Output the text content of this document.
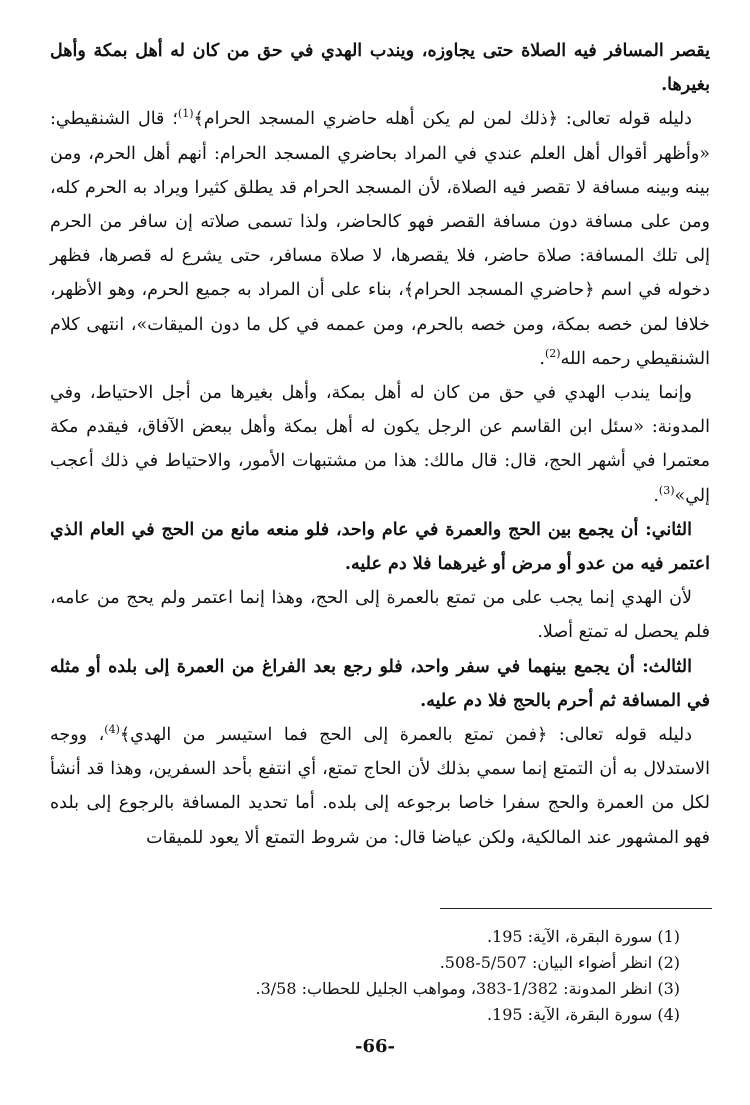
يقصر المسافر فيه الصلاة حتى يجاوزه، ويندب الهدي في حق من كان له أهل بمكة وأهل بغيرها.

دليله قوله تعالى: ﴿ذلك لمن لم يكن أهله حاضري المسجد الحرام﴾$^{(1)}$؛ قال الشنقيطي: «وأظهر أقوال أهل العلم عندي في المراد بحاضري المسجد الحرام: أنهم أهل الحرم، ومن بينه وبينه مسافة لا تقصر فيه الصلاة، لأن المسجد الحرام قد يطلق كثيرا ويراد به الحرم كله، ومن على مسافة دون مسافة القصر فهو كالحاضر، ولذا تسمى صلاته إن سافر من الحرم إلى تلك المسافة: صلاة حاضر، فلا يقصرها، لا صلاة مسافر، حتى يشرع له قصرها، فظهر دخوله في اسم ﴿حاضري المسجد الحرام﴾، بناء على أن المراد به جميع الحرم، وهو الأظهر، خلافا لمن خصه بمكة، ومن خصه بالحرم، ومن عممه في كل ما دون الميقات»، انتهى كلام الشنقيطي رحمه الله$^{(2)}$.

وإنما يندب الهدي في حق من كان له أهل بمكة، وأهل بغيرها من أجل الاحتياط، وفي المدونة: «سئل ابن القاسم عن الرجل يكون له أهل بمكة وأهل ببعض الآفاق، فيقدم مكة معتمرا في أشهر الحج، قال: قال مالك: هذا من مشتبهات الأمور، والاحتياط في ذلك أعجب إلي»$^{(3)}$.

الثاني: أن يجمع بين الحج والعمرة في عام واحد، فلو منعه مانع من الحج في العام الذي اعتمر فيه من عدو أو مرض أو غيرهما فلا دم عليه.

لأن الهدي إنما يجب على من تمتع بالعمرة إلى الحج، وهذا إنما اعتمر ولم يحج من عامه، فلم يحصل له تمتع أصلا.

الثالث: أن يجمع بينهما في سفر واحد، فلو رجع بعد الفراغ من العمرة إلى بلده أو مثله في المسافة ثم أحرم بالحج فلا دم عليه.

دليله قوله تعالى: ﴿فمن تمتع بالعمرة إلى الحج فما استيسر من الهدي﴾$^{(4)}$، ووجه الاستدلال به أن التمتع إنما سمي بذلك لأن الحاج تمتع، أي انتفع بأحد السفرين، وهذا قد أنشأ لكل من العمرة والحج سفرا خاصا برجوعه إلى بلده. أما تحديد المسافة بالرجوع إلى بلده فهو المشهور عند المالكية، ولكن عياضا قال: من شروط التمتع ألا يعود للميقات

(1) سورة البقرة، الآية: 195.

(2) انظر أضواء البيان: 5/507-508.

(3) انظر المدونة: 1/382-383، ومواهب الجليل للحطاب: 3/58.

(4) سورة البقرة، الآية: 195.

-66-
